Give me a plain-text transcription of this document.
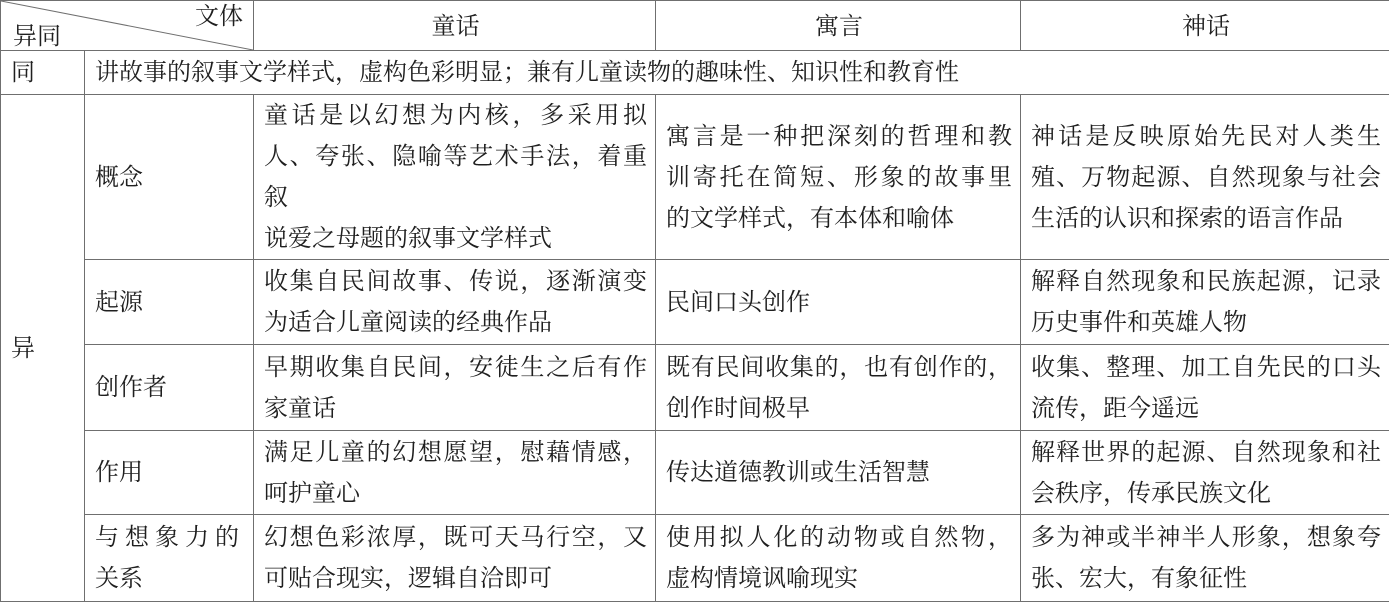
文体
异同		童话	寓言	神话
同	讲故事的叙事文学样式，虚构色彩明显；兼有儿童读物的趣味性、知识性和教育性			
异	概念	童话是以幻想为内核，多采用拟
人、夸张、隐喻等艺术手法，着重叙
说爱之母题的叙事文学样式	寓言是一种把深刻的哲理和教
训寄托在简短、形象的故事里
的文学样式，有本体和喻体	神话是反映原始先民对人类生
殖、万物起源、自然现象与社会
生活的认识和探索的语言作品

	起源	收集自民间故事、传说，逐渐演变
为适合儿童阅读的经典作品	民间口头创作	解释自然现象和民族起源，记录
历史事件和英雄人物

	创作者	早期收集自民间，安徒生之后有作
家童话	既有民间收集的，也有创作的，
创作时间极早	收集、整理、加工自先民的口头
流传，距今遥远

	作用	满足儿童的幻想愿望，慰藉情感，
呵护童心	传达道德教训或生活智慧	解释世界的起源、自然现象和社
会秩序，传承民族文化

	与想象力的
关系	幻想色彩浓厚，既可天马行空，又
可贴合现实，逻辑自洽即可	使用拟人化的动物或自然物，
虚构情境讽喻现实	多为神或半神半人形象，想象夸
张、宏大，有象征性
